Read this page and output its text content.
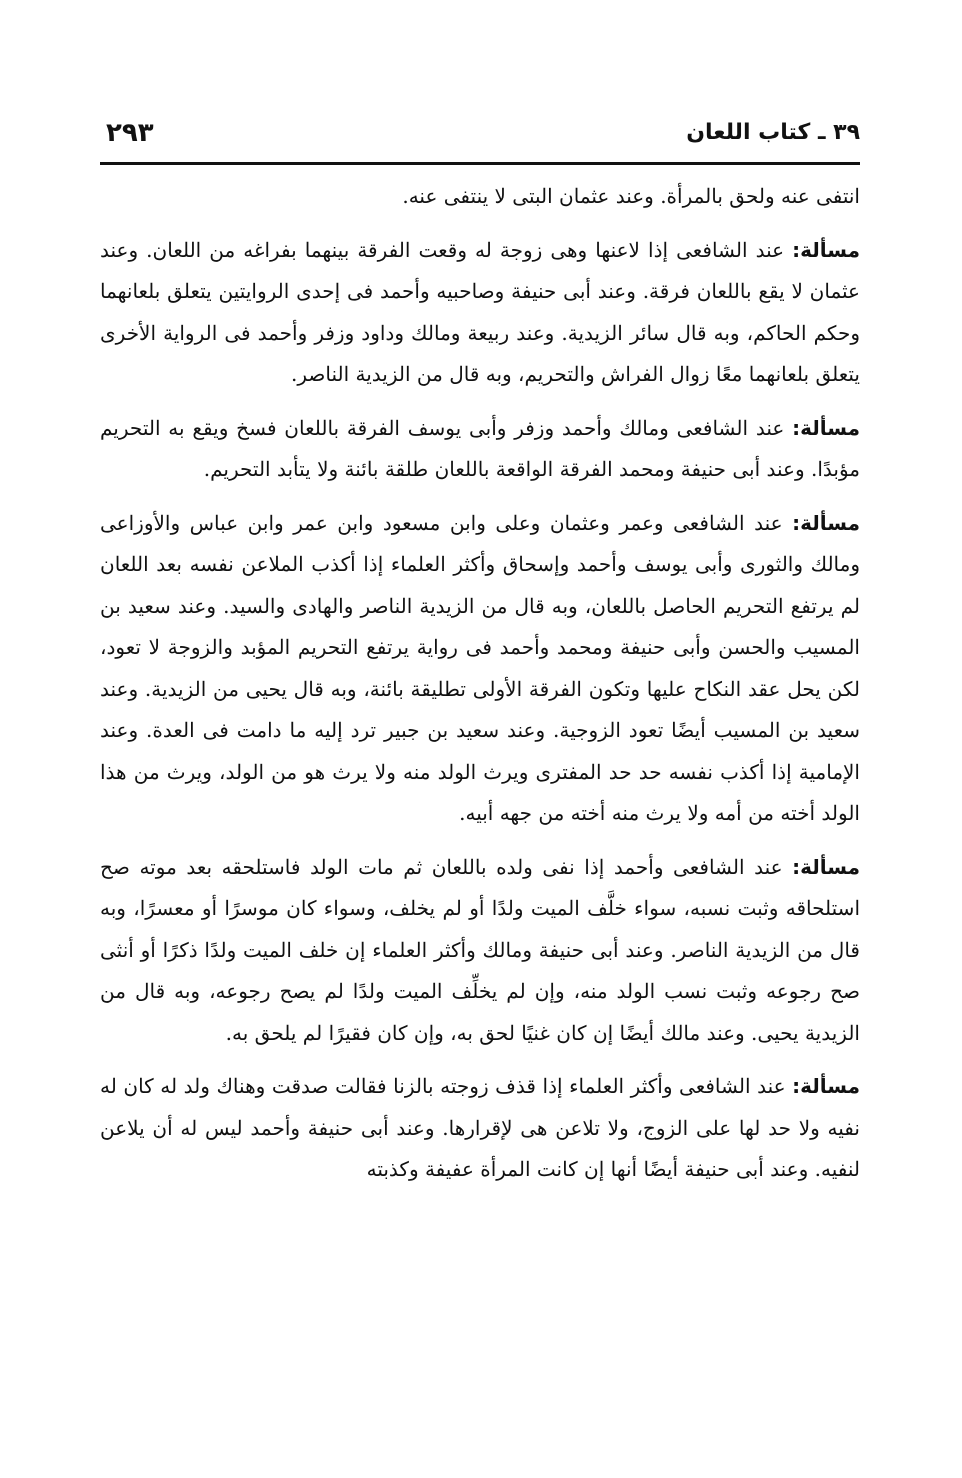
٣٩ ـ كتاب اللعان
٢٩٣

انتفى عنه ولحق بالمرأة. وعند عثمان البتى لا ينتفى عنه.

مسألة: عند الشافعى إذا لاعنها وهى زوجة له وقعت الفرقة بينهما بفراغه من اللعان. وعند عثمان لا يقع باللعان فرقة. وعند أبى حنيفة وصاحبيه وأحمد فى إحدى الروايتين يتعلق بلعانهما وحكم الحاكم، وبه قال سائر الزيدية. وعند ربيعة ومالك وداود وزفر وأحمد فى الرواية الأخرى يتعلق بلعانهما معًا زوال الفراش والتحريم، وبه قال من الزيدية الناصر.

مسألة: عند الشافعى ومالك وأحمد وزفر وأبى يوسف الفرقة باللعان فسخ ويقع به التحريم مؤبدًا. وعند أبى حنيفة ومحمد الفرقة الواقعة باللعان طلقة بائنة ولا يتأبد التحريم.

مسألة: عند الشافعى وعمر وعثمان وعلى وابن مسعود وابن عمر وابن عباس والأوزاعى ومالك والثورى وأبى يوسف وأحمد وإسحاق وأكثر العلماء إذا أكذب الملاعن نفسه بعد اللعان لم يرتفع التحريم الحاصل باللعان، وبه قال من الزيدية الناصر والهادى والسيد. وعند سعيد بن المسيب والحسن وأبى حنيفة ومحمد وأحمد فى رواية يرتفع التحريم المؤبد والزوجة لا تعود، لكن يحل عقد النكاح عليها وتكون الفرقة الأولى تطليقة بائنة، وبه قال يحيى من الزيدية. وعند سعيد بن المسيب أيضًا تعود الزوجية. وعند سعيد بن جبير ترد إليه ما دامت فى العدة. وعند الإمامية إذا أكذب نفسه حد حد المفترى ويرث الولد منه ولا يرث هو من الولد، ويرث من هذا الولد أخته من أمه ولا يرث منه أخته من جهه أبيه.

مسألة: عند الشافعى وأحمد إذا نفى ولده باللعان ثم مات الولد فاستلحقه بعد موته صح استلحاقه وثبت نسبه، سواء خلَّف الميت ولدًا أو لم يخلف، وسواء كان موسرًا أو معسرًا، وبه قال من الزيدية الناصر. وعند أبى حنيفة ومالك وأكثر العلماء إن خلف الميت ولدًا ذكرًا أو أنثى صح رجوعه وثبت نسب الولد منه، وإن لم يخلِّف الميت ولدًا لم يصح رجوعه، وبه قال من الزيدية يحيى. وعند مالك أيضًا إن كان غنيًا لحق به، وإن كان فقيرًا لم يلحق به.

مسألة: عند الشافعى وأكثر العلماء إذا قذف زوجته بالزنا فقالت صدقت وهناك ولد له كان له نفيه ولا حد لها على الزوج، ولا تلاعن هى لإقرارها. وعند أبى حنيفة وأحمد ليس له أن يلاعن لنفيه. وعند أبى حنيفة أيضًا أنها إن كانت المرأة عفيفة وكذبته
